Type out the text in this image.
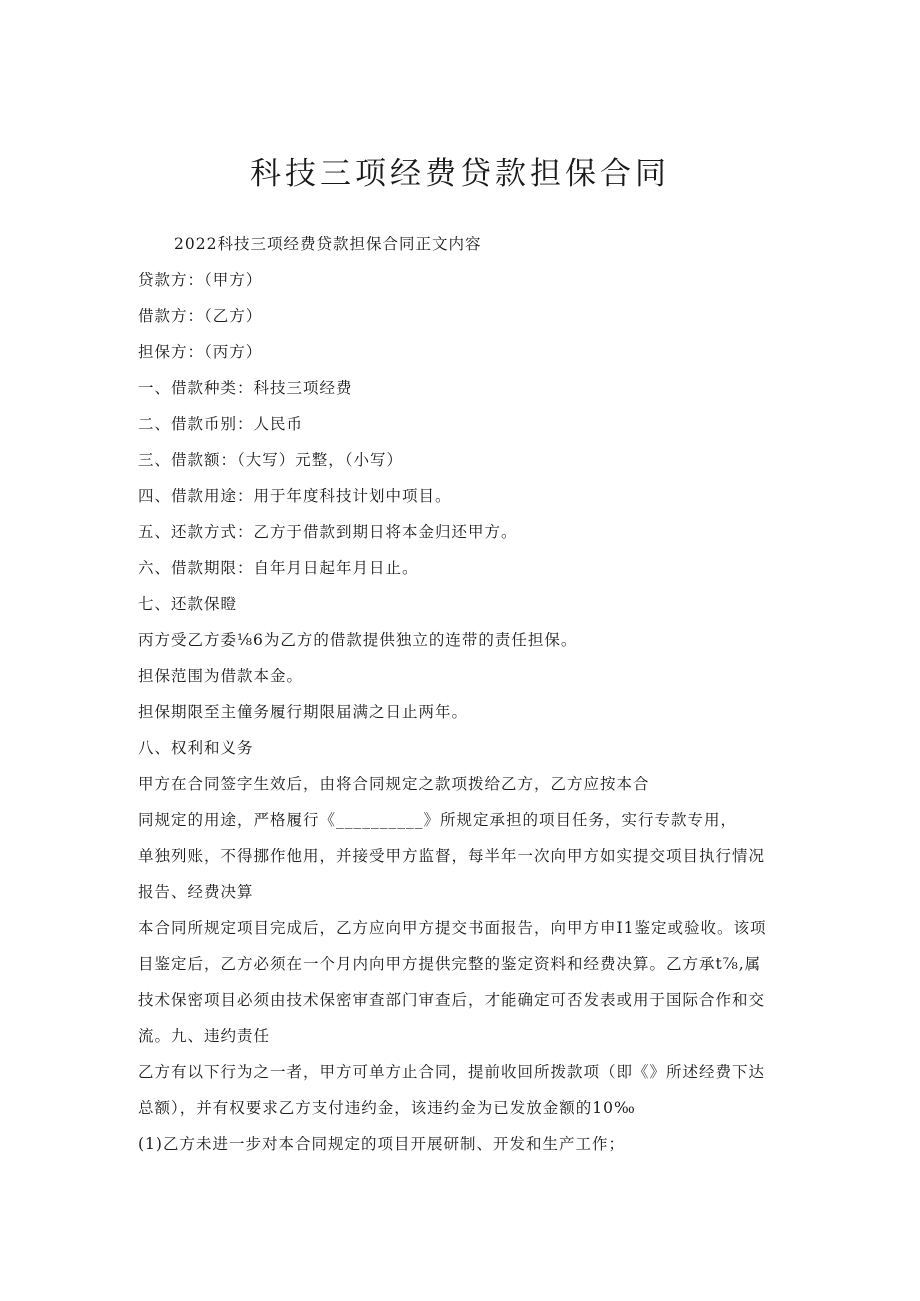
科技三项经费贷款担保合同
2022科技三项经费贷款担保合同正文内容
贷款方：（甲方）
借款方：（乙方）
担保方：（丙方）
一、借款种类：科技三项经费
二、借款币别：人民币
三、借款额：（大写）元整，（小写）
四、借款用途：用于年度科技计划中项目。
五、还款方式：乙方于借款到期日将本金归还甲方。
六、借款期限：自年月日起年月日止。
七、还款保瞪
丙方受乙方委⅛6为乙方的借款提供独立的连带的责任担保。
担保范围为借款本金。
担保期限至主僮务履行期限届满之日止两年。
八、权利和义务
甲方在合同签字生效后，由将合同规定之款项拨给乙方，乙方应按本合
同规定的用途，严格履行《__________》所规定承担的项目任务，实行专款专用，
单独列账，不得挪作他用，并接受甲方监督，每半年一次向甲方如实提交项目执行情况
报告、经费决算
本合同所规定项目完成后，乙方应向甲方提交书面报告，向甲方申I1鉴定或验收。该项
目鉴定后，乙方必须在一个月内向甲方提供完整的鉴定资料和经费决算。乙方承t⅞,属
技术保密项目必须由技术保密审查部门审查后，才能确定可否发表或用于国际合作和交
流。九、违约责任
乙方有以下行为之一者，甲方可单方止合同，提前收回所拨款项（即《》所述经费下达
总额），并有权要求乙方支付违约金，该违约金为已发放金额的10‰
(1)乙方未进一步对本合同规定的项目开展研制、开发和生产工作；
